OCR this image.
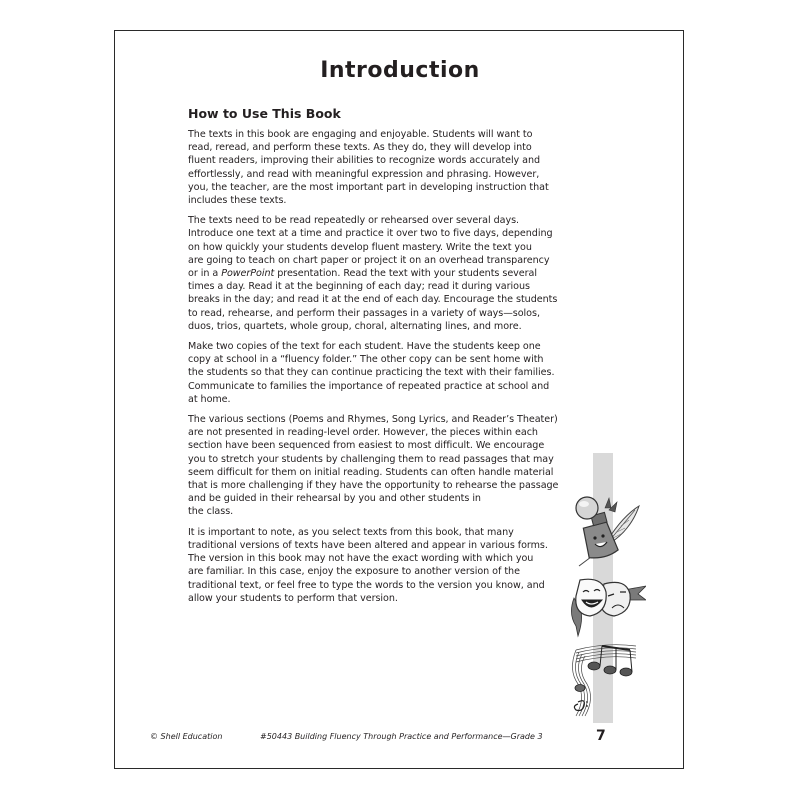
Introduction
How to Use This Book

The texts in this book are engaging and enjoyable. Students will want to
read, reread, and perform these texts. As they do, they will develop into
fluent readers, improving their abilities to recognize words accurately and
effortlessly, and read with meaningful expression and phrasing. However,
you, the teacher, are the most important part in developing instruction that
includes these texts.

The texts need to be read repeatedly or rehearsed over several days.
Introduce one text at a time and practice it over two to five days, depending
on how quickly your students develop fluent mastery. Write the text you
are going to teach on chart paper or project it on an overhead transparency
or in a PowerPoint presentation. Read the text with your students several
times a day. Read it at the beginning of each day; read it during various
breaks in the day; and read it at the end of each day. Encourage the students
to read, rehearse, and perform their passages in a variety of ways—solos,
duos, trios, quartets, whole group, choral, alternating lines, and more.

Make two copies of the text for each student. Have the students keep one
copy at school in a “fluency folder.” The other copy can be sent home with
the students so that they can continue practicing the text with their families.
Communicate to families the importance of repeated practice at school and
at home.

The various sections (Poems and Rhymes, Song Lyrics, and Reader’s Theater)
are not presented in reading-level order. However, the pieces within each
section have been sequenced from easiest to most difficult. We encourage
you to stretch your students by challenging them to read passages that may
seem difficult for them on initial reading. Students can often handle material
that is more challenging if they have the opportunity to rehearse the passage
and be guided in their rehearsal by you and other students in
the class.

It is important to note, as you select texts from this book, that many
traditional versions of texts have been altered and appear in various forms.
The version in this book may not have the exact wording with which you
are familiar. In this case, enjoy the exposure to another version of the
traditional text, or feel free to type the words to the version you know, and
allow your students to perform that version.

© Shell Education	#50443 Building Fluency Through Practice and Performance—Grade 3	7
